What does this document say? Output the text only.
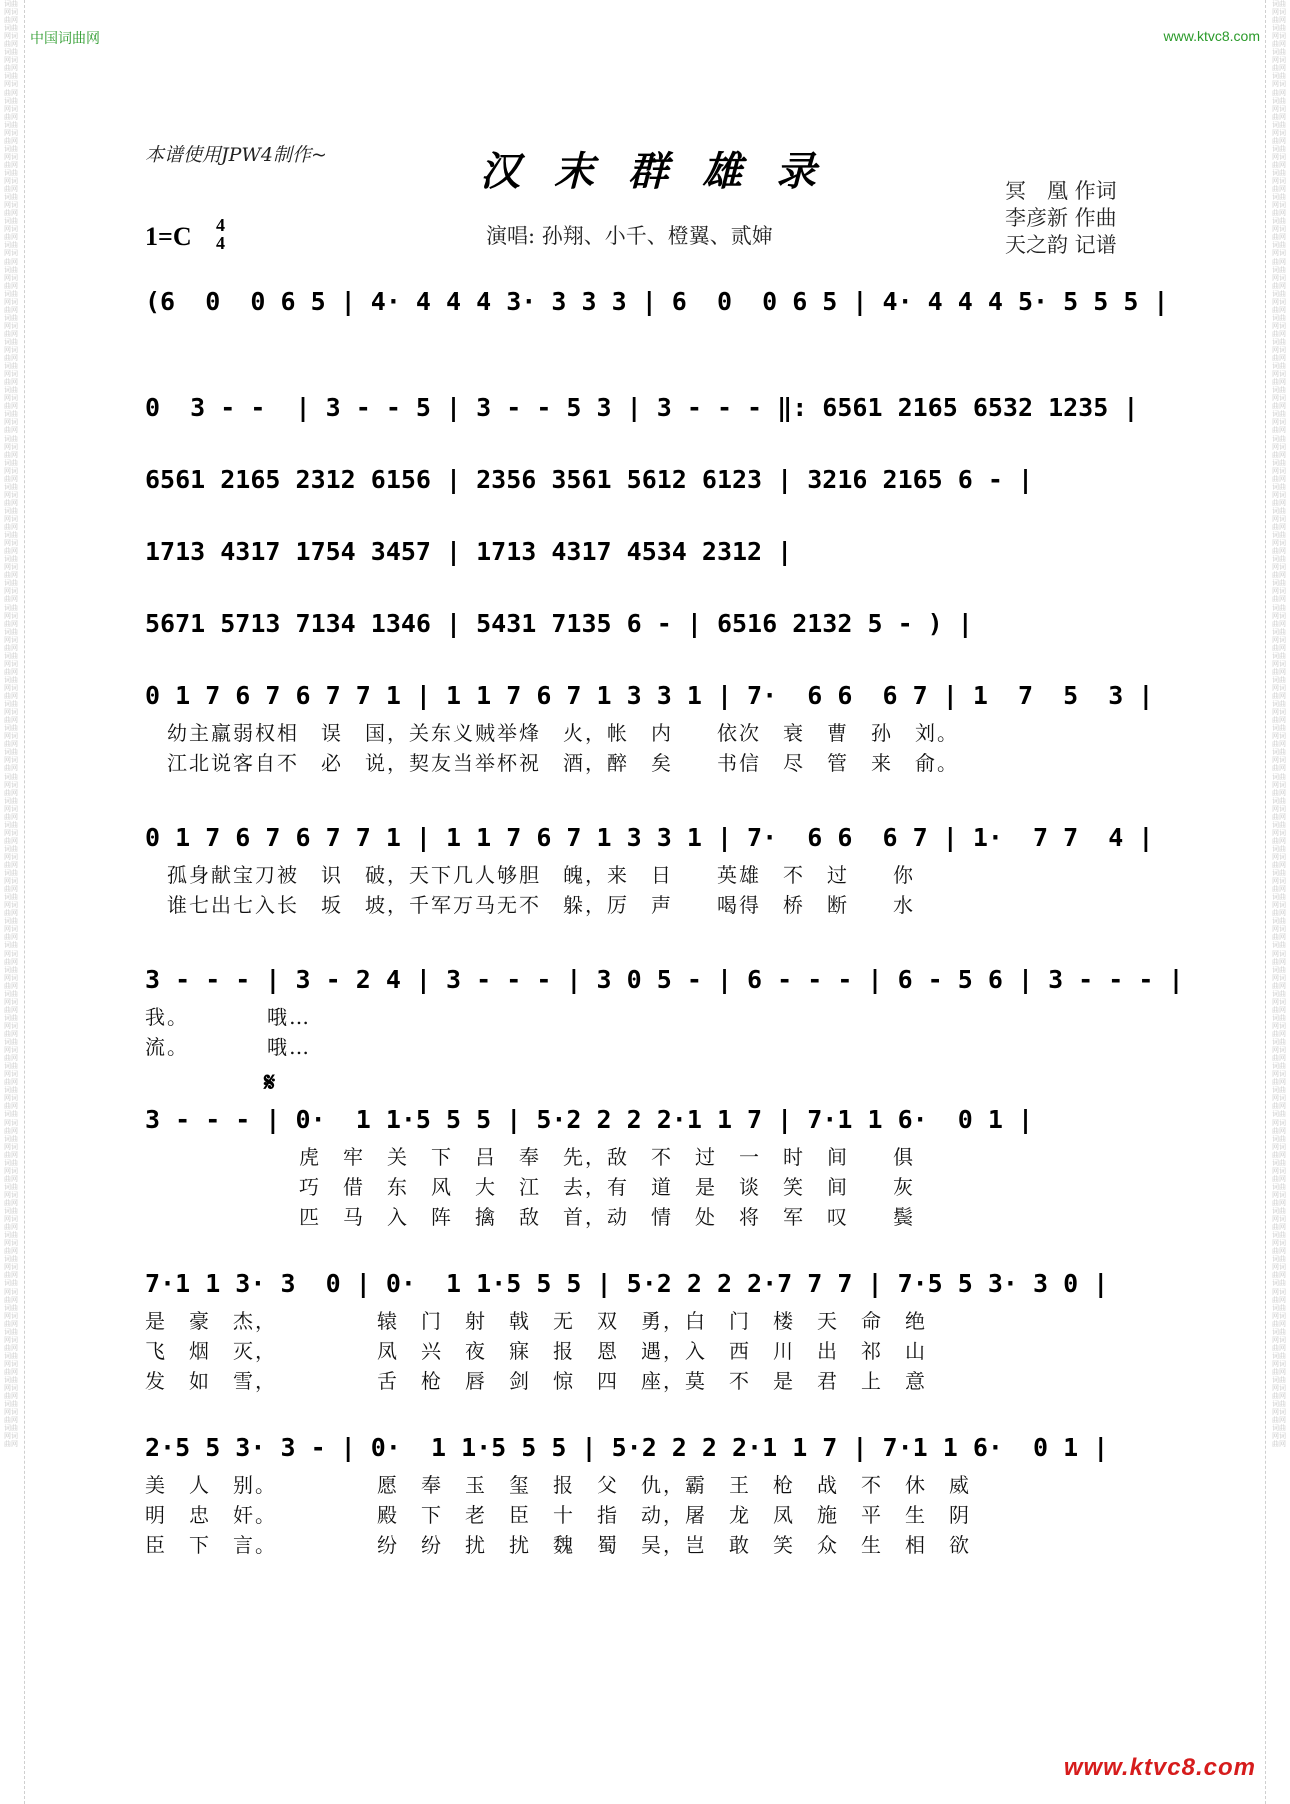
词曲网词曲网词曲网词曲网词曲网词曲网词曲网词曲网词曲网词曲网词曲网词曲网词曲网词曲网词曲网词曲网词曲网词曲网词曲网词曲网词曲网词曲网词曲网词曲网词曲网词曲网词曲网词曲网词曲网词曲网词曲网词曲网词曲网词曲网词曲网词曲网词曲网词曲网词曲网词曲网词曲网词曲网词曲网词曲网词曲网词曲网词曲网词曲网词曲网词曲网词曲网词曲网词曲网词曲网词曲网词曲网词曲网词曲网词曲网词曲网词曲网词曲网词曲网词曲网词曲网词曲网词曲网词曲网词曲网词曲网词曲网词曲网词曲网词曲网词曲网词曲网词曲网词曲网词曲网词曲网词曲网词曲网词曲网词曲网词曲网词曲网词曲网词曲网词曲网词曲网词曲网词曲网词曲网词曲网词曲网词曲网词曲网词曲网词曲网词曲网词曲网词曲网词曲网词曲网词曲网词曲网词曲网词曲网词曲网词曲网词曲网词曲网词曲网词曲网词曲网词曲网词曲网词曲网词曲网词曲网
词曲网词曲网词曲网词曲网词曲网词曲网词曲网词曲网词曲网词曲网词曲网词曲网词曲网词曲网词曲网词曲网词曲网词曲网词曲网词曲网词曲网词曲网词曲网词曲网词曲网词曲网词曲网词曲网词曲网词曲网词曲网词曲网词曲网词曲网词曲网词曲网词曲网词曲网词曲网词曲网词曲网词曲网词曲网词曲网词曲网词曲网词曲网词曲网词曲网词曲网词曲网词曲网词曲网词曲网词曲网词曲网词曲网词曲网词曲网词曲网词曲网词曲网词曲网词曲网词曲网词曲网词曲网词曲网词曲网词曲网词曲网词曲网词曲网词曲网词曲网词曲网词曲网词曲网词曲网词曲网词曲网词曲网词曲网词曲网词曲网词曲网词曲网词曲网词曲网词曲网词曲网词曲网词曲网词曲网词曲网词曲网词曲网词曲网词曲网词曲网词曲网词曲网词曲网词曲网词曲网词曲网词曲网词曲网词曲网词曲网词曲网词曲网词曲网词曲网词曲网词曲网词曲网词曲网词曲网词曲网
中国词曲网	www.ktvc8.com
本谱使用JPW4制作~	汉末群雄录	冥　凰 作词
李彦新 作曲
天之韵 记谱
1=C 4
4	演唱: 孙翔、小千、橙翼、贰婶
𝄋
(6  0  0 6 5 | 4· 4 4 4 3· 3 3 3 | 6  0  0 6 5 | 4· 4 4 4 5· 5 5 5 |
0  3 - -  | 3 - - 5 | 3 - - 5 3 | 3 - - - ‖: 6561 2165 6532 1235 |
6561 2165 2312 6156 | 2356 3561 5612 6123 | 3216 2165 6 - |
1713 4317 1754 3457 | 1713 4317 4534 2312 |
5671 5713 7134 1346 | 5431 7135 6 - | 6516 2132 5 - ) |
0 1 7 6 7 6 7 7 1 | 1 1 7 6 7 1 3 3 1 | 7·  6 6  6 7 | 1  7  5  3 |
　幼主羸弱权相　误　国，关东义贼举烽　火，帐　内　　依次　衰　曹　孙　刘。
　江北说客自不　必　说，契友当举杯祝　酒，醉　矣　　书信　尽　管　来　俞。
0 1 7 6 7 6 7 7 1 | 1 1 7 6 7 1 3 3 1 | 7·  6 6  6 7 | 1·  7 7  4 |
　孤身献宝刀被　识　破，天下几人够胆　魄，来　日　　英雄　不　过　　你
　谁七出七入长　坂　坡，千军万马无不　躲，厉　声　　喝得　桥　断　　水
3 - - - | 3 - 2 4 | 3 - - - | 3 0 5 - | 6 - - - | 6 - 5 6 | 3 - - - |
我。　　　　哦…
流。　　　　哦…
3 - - - | 0·  1 1·5 5 5 | 5·2 2 2 2·1 1 7 | 7·1 1 6·  0 1 |
　　　　　　　虎　牢　关　下　吕　奉　先，敌　不　过　一　时　间　　俱
　　　　　　　巧　借　东　风　大　江　去，有　道　是　谈　笑　间　　灰
　　　　　　　匹　马　入　阵　擒　敌　首，动　情　处　将　军　叹　　鬓
7·1 1 3· 3  0 | 0·  1 1·5 5 5 | 5·2 2 2 2·7 7 7 | 7·5 5 3· 3 0 |
是　豪　杰，　　　　　辕　门　射　戟　无　双　勇，白　门　楼　天　命　绝
飞　烟　灭，　　　　　凤　兴　夜　寐　报　恩　遇，入　西　川　出　祁　山
发　如　雪，　　　　　舌　枪　唇　剑　惊　四　座，莫　不　是　君　上　意
2·5 5 3· 3 - | 0·  1 1·5 5 5 | 5·2 2 2 2·1 1 7 | 7·1 1 6·  0 1 |
美　人　别。　　　　　愿　奉　玉　玺　报　父　仇，霸　王　枪　战　不　休　威
明　忠　奸。　　　　　殿　下　老　臣　十　指　动，屠　龙　凤　施　平　生　阴
臣　下　言。　　　　　纷　纷　扰　扰　魏　蜀　吴，岂　敢　笑　众　生　相　欲
www.ktvc8.com
